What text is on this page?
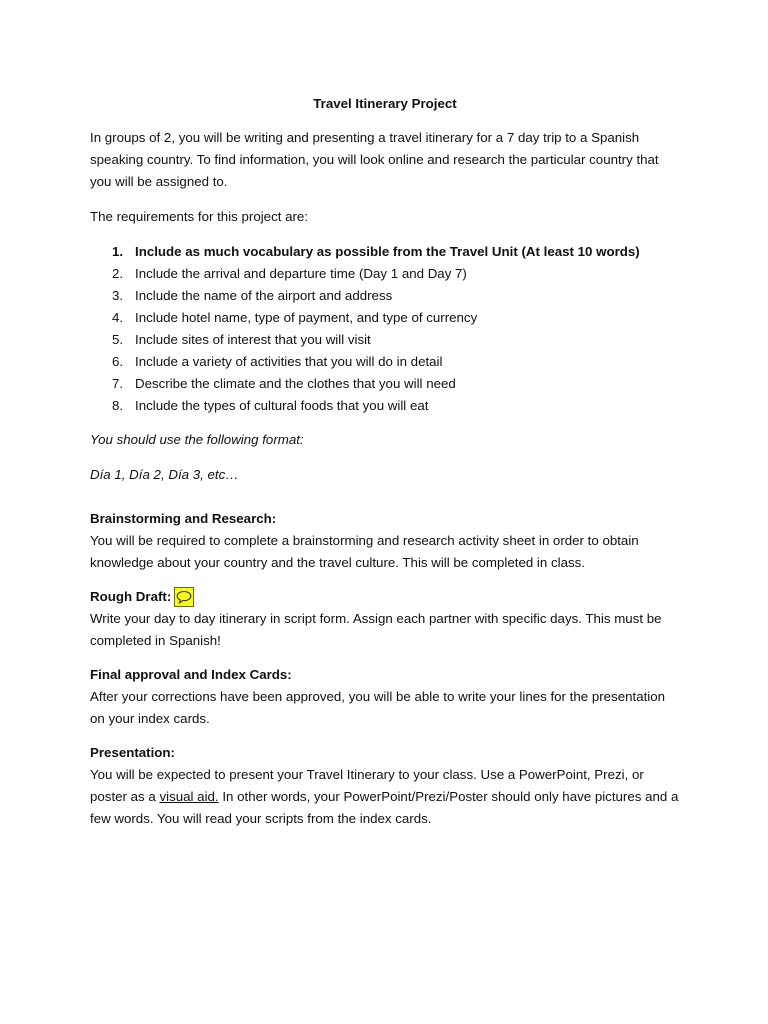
Travel Itinerary Project

In groups of 2, you will be writing and presenting a travel itinerary for a 7 day trip to a Spanish speaking country. To find information, you will look online and research the particular country that you will be assigned to.

The requirements for this project are:

1. Include as much vocabulary as possible from the Travel Unit (At least 10 words)
2. Include the arrival and departure time (Day 1 and Day 7)
3. Include the name of the airport and address
4. Include hotel name, type of payment, and type of currency
5. Include sites of interest that you will visit
6. Include a variety of activities that you will do in detail
7. Describe the climate and the clothes that you will need
8. Include the types of cultural foods that you will eat

You should use the following format:

Día 1, Día 2, Día 3, etc…

Brainstorming and Research:

You will be required to complete a brainstorming and research activity sheet in order to obtain knowledge about your country and the travel culture. This will be completed in class.

Rough Draft:

Write your day to day itinerary in script form. Assign each partner with specific days. This must be completed in Spanish!

Final approval and Index Cards:

After your corrections have been approved, you will be able to write your lines for the presentation on your index cards.

Presentation:

You will be expected to present your Travel Itinerary to your class. Use a PowerPoint, Prezi, or poster as a visual aid. In other words, your PowerPoint/Prezi/Poster should only have pictures and a few words. You will read your scripts from the index cards.
